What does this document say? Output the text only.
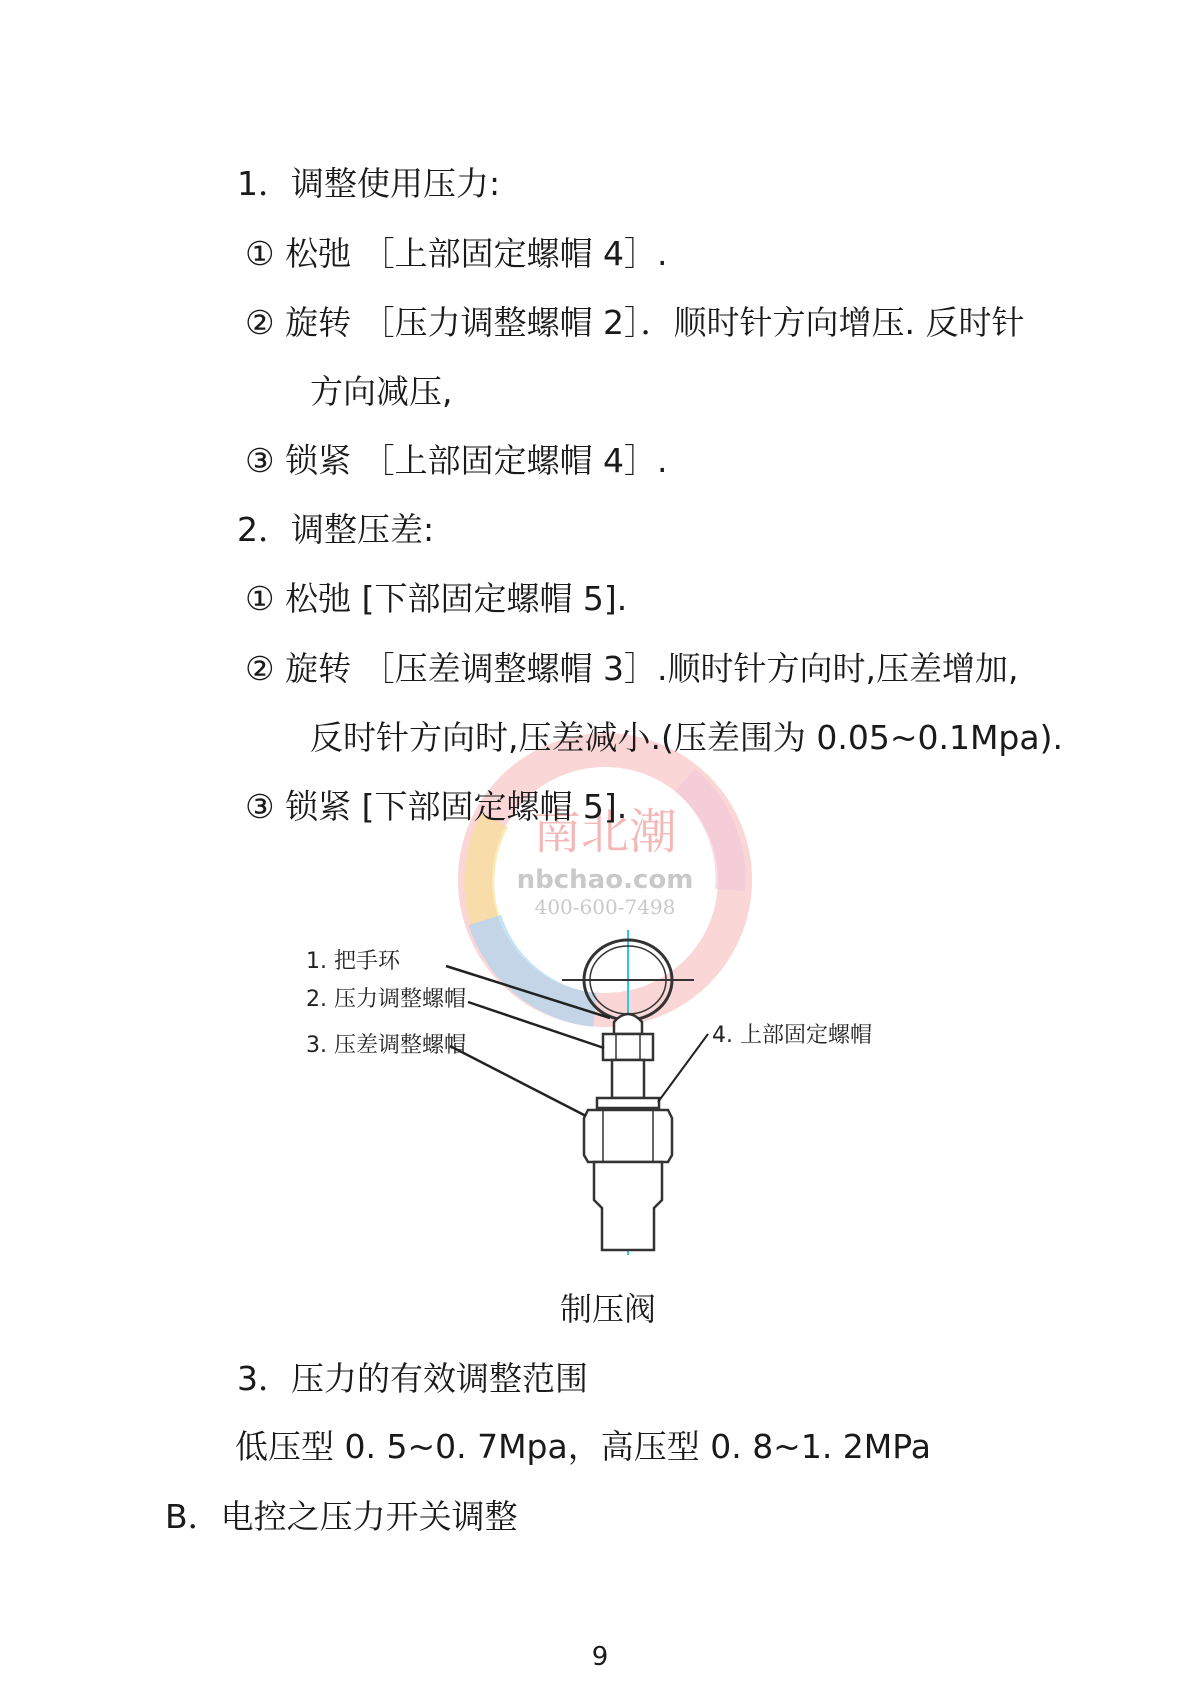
南北潮
nbchao.com
400-600-7498
1．调整使用压力:
① 松弛 ［上部固定螺帽 4］.
② 旋转 ［压力调整螺帽 2］．顺时针方向增压. 反时针
方向减压,
③ 锁紧 ［上部固定螺帽 4］.
2．调整压差:
① 松弛 [下部固定螺帽 5].
② 旋转 ［压差调整螺帽 3］.顺时针方向时,压差增加,
反时针方向时,压差减小.(压差围为 0.05~0.1Mpa).
③ 锁紧 [下部固定螺帽 5].
1. 把手环
2. 压力调整螺帽
3. 压差调整螺帽	4. 上部固定螺帽
制压阀
3．压力的有效调整范围
低压型 0. 5~0. 7Mpa，高压型 0. 8~1. 2MPa
B．电控之压力开关调整
9
